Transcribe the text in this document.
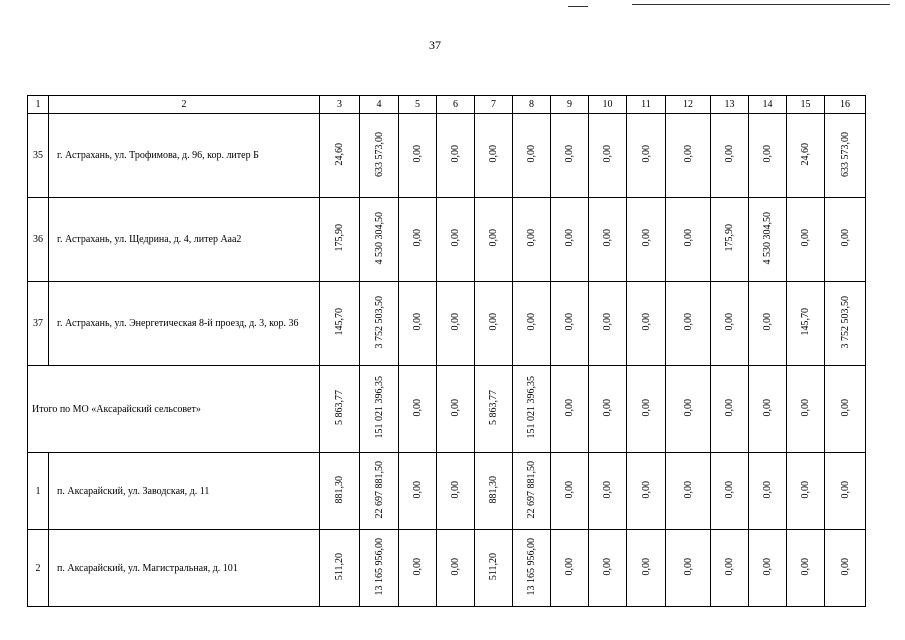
37
1	2	3	4	5	6	7	8	9	10	11	12	13	14	15	16
35	г. Астрахань, ул. Трофимова, д. 96, кор. литер Б	24,60	633 573,00	0,00	0,00	0,00	0,00	0,00	0,00	0,00	0,00	0,00	0,00	24,60	633 573,00
36	г. Астрахань, ул. Щедрина, д. 4, литер Ааа2	175,90	4 530 304,50	0,00	0,00	0,00	0,00	0,00	0,00	0,00	0,00	175,90	4 530 304,50	0,00	0,00
37	г. Астрахань, ул. Энергетическая 8-й проезд, д. 3, кор. 36	145,70	3 752 503,50	0,00	0,00	0,00	0,00	0,00	0,00	0,00	0,00	0,00	0,00	145,70	3 752 503,50
Итого по МО «Аксарайский сельсовет»		5 863,77	151 021 396,35	0,00	0,00	5 863,77	151 021 396,35	0,00	0,00	0,00	0,00	0,00	0,00	0,00	0,00
1	п. Аксарайский, ул. Заводская, д. 11	881,30	22 697 881,50	0,00	0,00	881,30	22 697 881,50	0,00	0,00	0,00	0,00	0,00	0,00	0,00	0,00
2	п. Аксарайский, ул. Магистральная, д. 101	511,20	13 165 956,00	0,00	0,00	511,20	13 165 956,00	0,00	0,00	0,00	0,00	0,00	0,00	0,00	0,00
